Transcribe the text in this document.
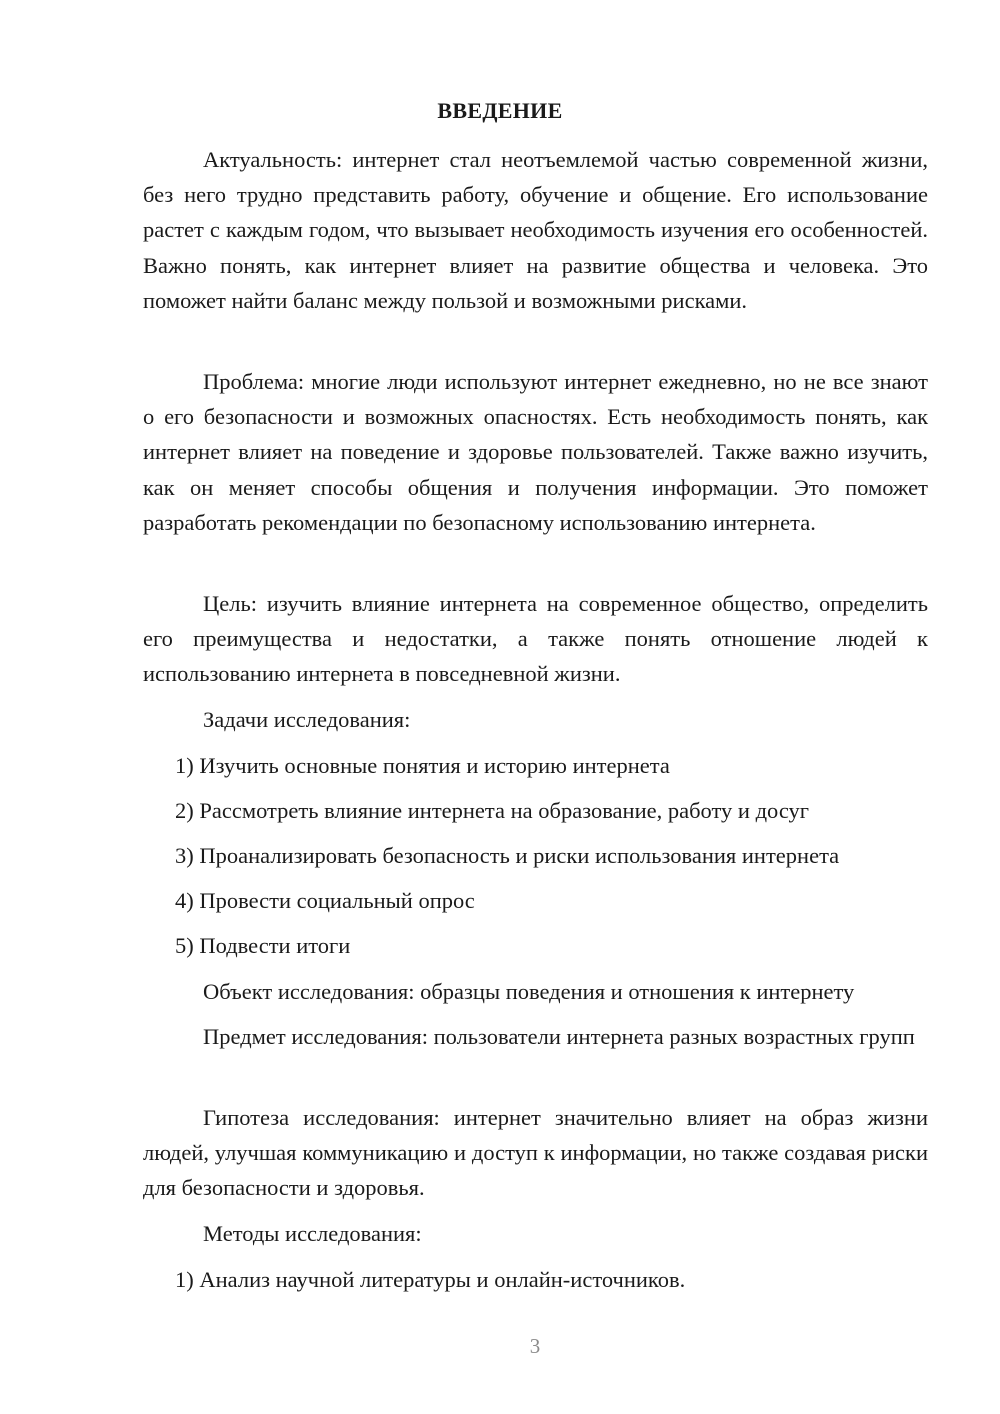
ВВЕДЕНИЕ

Актуальность: интернет стал неотъемлемой частью современной жизни, без него трудно представить работу, обучение и общение. Его использование растет с каждым годом, что вызывает необходимость изучения его особенностей. Важно понять, как интернет влияет на развитие общества и человека. Это поможет найти баланс между пользой и возможными рисками.

Проблема: многие люди используют интернет ежедневно, но не все знают о его безопасности и возможных опасностях. Есть необходимость понять, как интернет влияет на поведение и здоровье пользователей. Также важно изучить, как он меняет способы общения и получения информации. Это поможет разработать рекомендации по безопасному использованию интернета.

Цель: изучить влияние интернета на современное общество, определить его преимущества и недостатки, а также понять отношение людей к использованию интернета в повседневной жизни.

Задачи исследования:

1) Изучить основные понятия и историю интернета

2) Рассмотреть влияние интернета на образование, работу и досуг

3) Проанализировать безопасность и риски использования интернета

4) Провести социальный опрос

5) Подвести итоги

Объект исследования: образцы поведения и отношения к интернету

Предмет исследования: пользователи интернета разных возрастных групп

Гипотеза исследования: интернет значительно влияет на образ жизни людей, улучшая коммуникацию и доступ к информации, но также создавая риски для безопасности и здоровья.

Методы исследования:

1) Анализ научной литературы и онлайн-источников.

3
